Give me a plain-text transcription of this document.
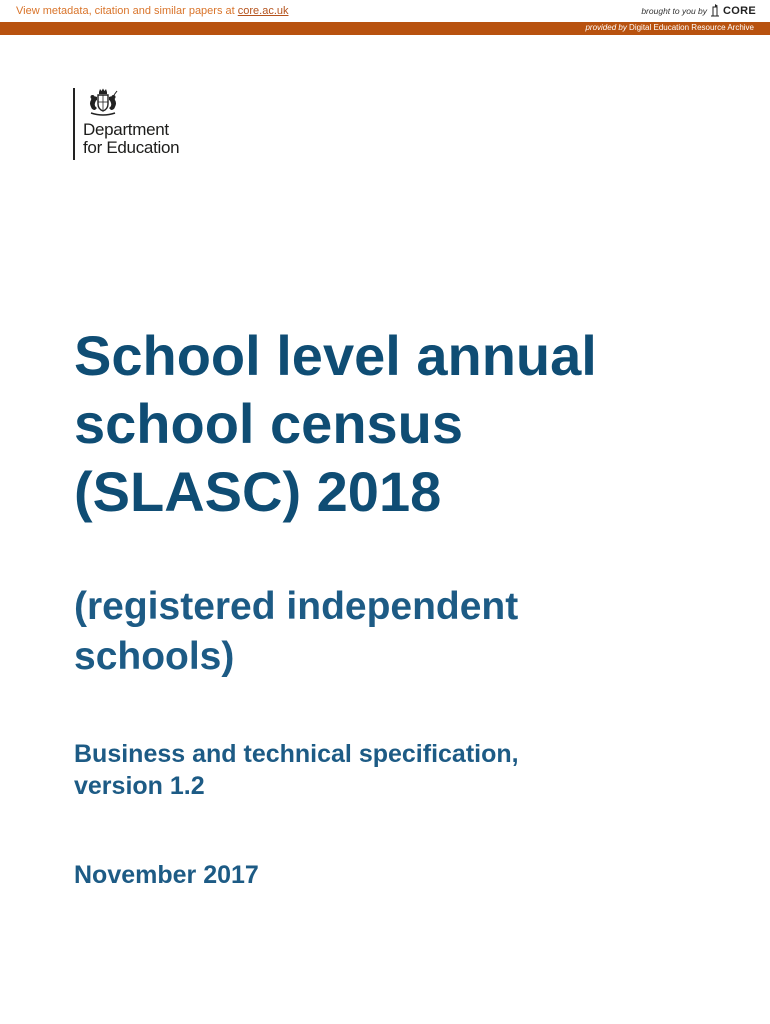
View metadata, citation and similar papers at core.ac.uk	brought to you by CORE
provided by Digital Education Resource Archive
Department
for Education
School level annual
school census
(SLASC) 2018
(registered independent
schools)
Business and technical specification,
version 1.2
November 2017
